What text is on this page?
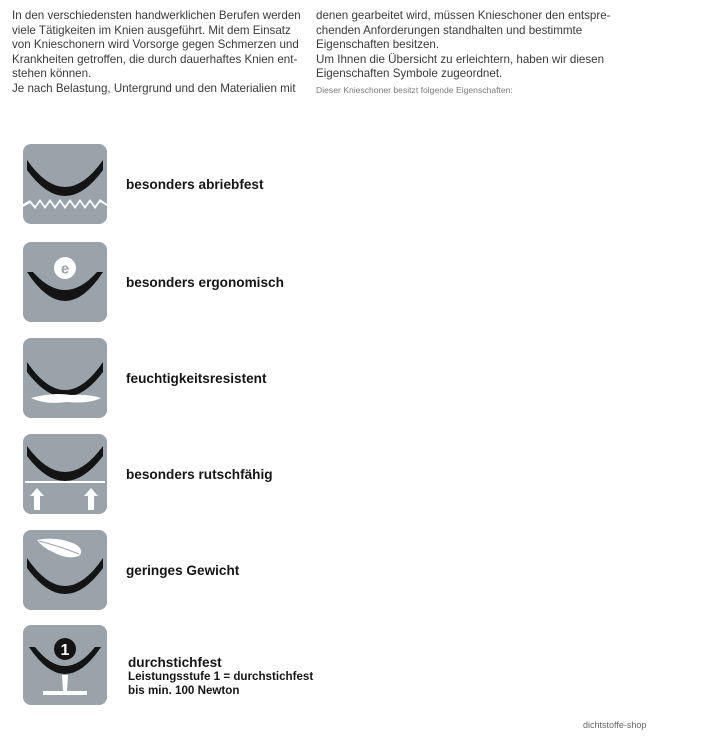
In den verschiedensten handwerklichen Berufen werden
viele Tätigkeiten im Knien ausgeführt. Mit dem Einsatz
von Knieschonern wird Vorsorge gegen Schmerzen und
Krankheiten getroffen, die durch dauerhaftes Knien ent-
stehen können.
Je nach Belastung, Untergrund und den Materialien mit
denen gearbeitet wird, müssen Knieschoner den entspre-
chenden Anforderungen standhalten und bestimmte
Eigenschaften besitzen.
Um Ihnen die Übersicht zu erleichtern, haben wir diesen
Eigenschaften Symbole zugeordnet.
Dieser Knieschoner besitzt folgende Eigenschaften:
besonders abriebfest
e
besonders ergonomisch
feuchtigkeitsresistent
besonders rutschfähig
geringes Gewicht
1
durchstichfest
Leistungsstufe 1 = durchstichfest
bis min. 100 Newton
dichtstoffe-shop
